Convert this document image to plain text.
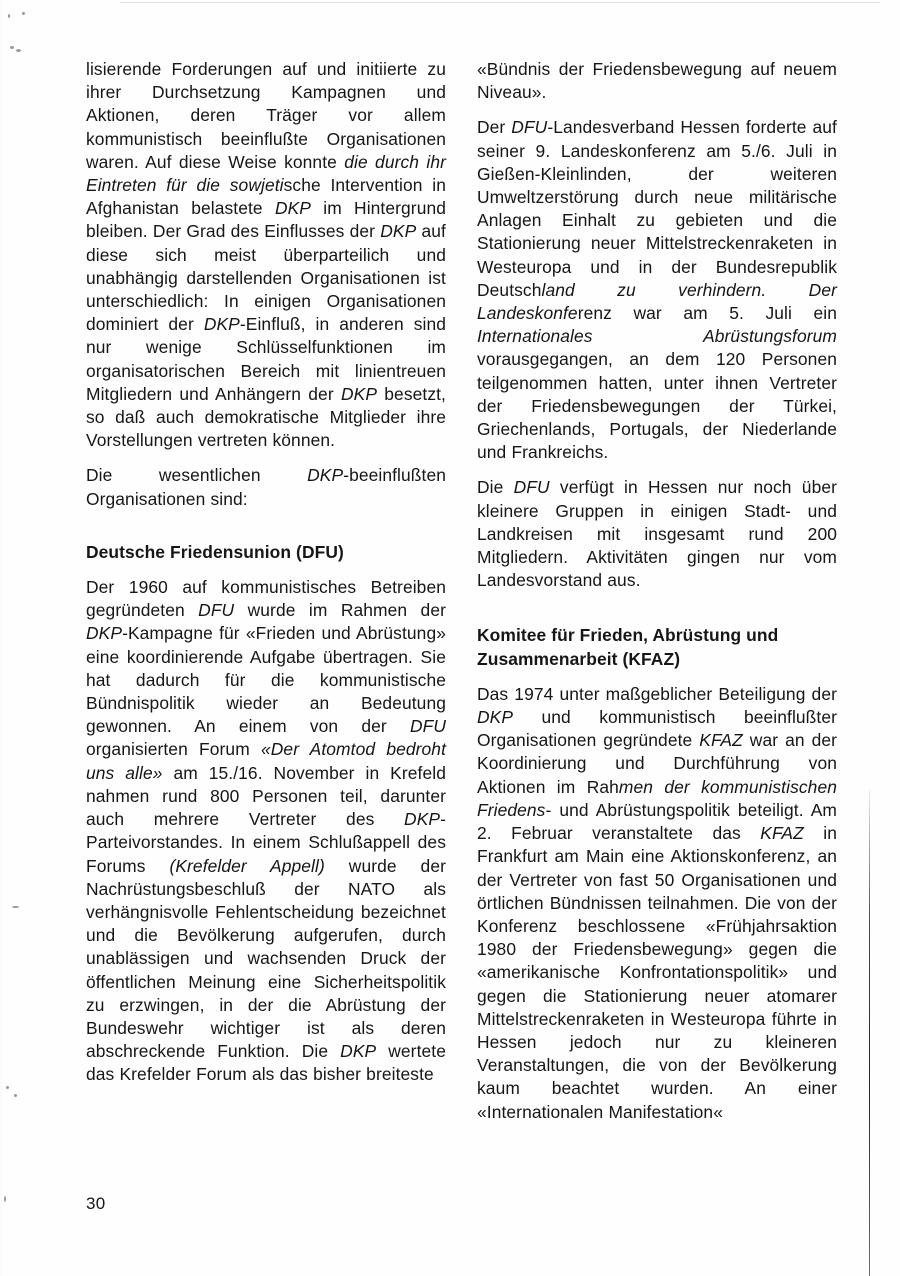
lisierende Forderungen auf und initiierte zu ihrer Durchsetzung Kampagnen und Aktionen, deren Träger vor allem kommunistisch beeinflußte Organisationen waren. Auf diese Weise konnte die durch ihr Eintreten für die sowjetische Intervention in Afghanistan belastete DKP im Hintergrund bleiben. Der Grad des Einflusses der DKP auf diese sich meist überparteilich und unabhängig darstellenden Organisationen ist unterschiedlich: In einigen Organisationen dominiert der DKP-Einfluß, in anderen sind nur wenige Schlüsselfunktionen im organisatorischen Bereich mit linientreuen Mitgliedern und Anhängern der DKP besetzt, so daß auch demokratische Mitglieder ihre Vorstellungen vertreten können.

Die wesentlichen DKP-beeinflußten Organisationen sind:

Deutsche Friedensunion (DFU)

Der 1960 auf kommunistisches Betreiben gegründeten DFU wurde im Rahmen der DKP-Kampagne für «Frieden und Abrüstung» eine koordinierende Aufgabe übertragen. Sie hat dadurch für die kommunistische Bündnispolitik wieder an Bedeutung gewonnen. An einem von der DFU organisierten Forum «Der Atomtod bedroht uns alle» am 15./16. November in Krefeld nahmen rund 800 Personen teil, darunter auch mehrere Vertreter des DKP-Parteivorstandes. In einem Schlußappell des Forums (Krefelder Appell) wurde der Nachrüstungsbeschluß der NATO als verhängnisvolle Fehlentscheidung bezeichnet und die Bevölkerung aufgerufen, durch unablässigen und wachsenden Druck der öffentlichen Meinung eine Sicherheitspolitik zu erzwingen, in der die Abrüstung der Bundeswehr wichtiger ist als deren abschreckende Funktion. Die DKP wertete das Krefelder Forum als das bisher breiteste

«Bündnis der Friedensbewegung auf neuem Niveau».

Der DFU-Landesverband Hessen forderte auf seiner 9. Landeskonferenz am 5./6. Juli in Gießen-Kleinlinden, der weiteren Umweltzerstörung durch neue militärische Anlagen Einhalt zu gebieten und die Stationierung neuer Mittelstreckenraketen in Westeuropa und in der Bundesrepublik Deutschland zu verhindern. Der Landeskonferenz war am 5. Juli ein Internationales Abrüstungsforum vorausgegangen, an dem 120 Personen teilgenommen hatten, unter ihnen Vertreter der Friedensbewegungen der Türkei, Griechenlands, Portugals, der Niederlande und Frankreichs.

Die DFU verfügt in Hessen nur noch über kleinere Gruppen in einigen Stadt- und Landkreisen mit insgesamt rund 200 Mitgliedern. Aktivitäten gingen nur vom Landesvorstand aus.

Komitee für Frieden, Abrüstung und Zusammenarbeit (KFAZ)

Das 1974 unter maßgeblicher Beteiligung der DKP und kommunistisch beeinflußter Organisationen gegründete KFAZ war an der Koordinierung und Durchführung von Aktionen im Rahmen der kommunistischen Friedens- und Abrüstungspolitik beteiligt. Am 2. Februar veranstaltete das KFAZ in Frankfurt am Main eine Aktionskonferenz, an der Vertreter von fast 50 Organisationen und örtlichen Bündnissen teilnahmen. Die von der Konferenz beschlossene «Frühjahrsaktion 1980 der Friedensbewegung» gegen die «amerikanische Konfrontationspolitik» und gegen die Stationierung neuer atomarer Mittelstreckenraketen in Westeuropa führte in Hessen jedoch nur zu kleineren Veranstaltungen, die von der Bevölkerung kaum beachtet wurden. An einer «Internationalen Manifestation«

30
